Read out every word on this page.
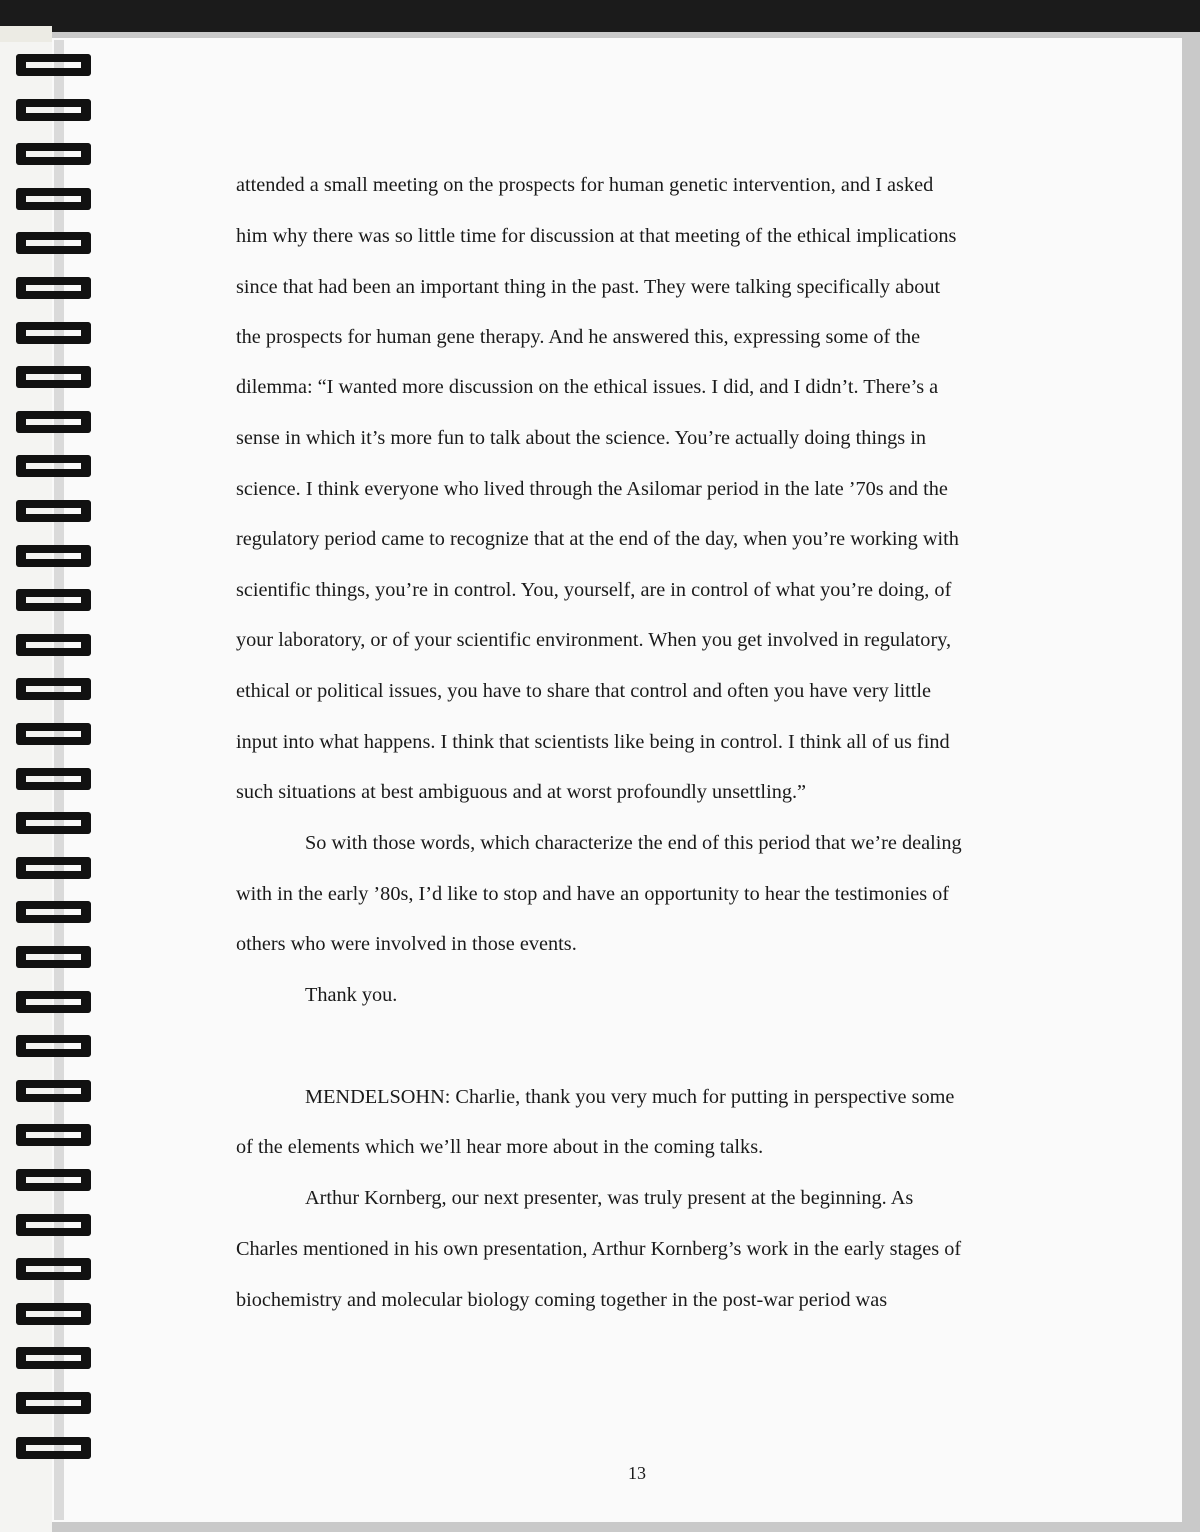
attended a small meeting on the prospects for human genetic intervention, and I asked
him why there was so little time for discussion at that meeting of the ethical implications
since that had been an important thing in the past. They were talking specifically about
the prospects for human gene therapy. And he answered this, expressing some of the
dilemma: “I wanted more discussion on the ethical issues. I did, and I didn’t. There’s a
sense in which it’s more fun to talk about the science. You’re actually doing things in
science. I think everyone who lived through the Asilomar period in the late ’70s and the
regulatory period came to recognize that at the end of the day, when you’re working with
scientific things, you’re in control. You, yourself, are in control of what you’re doing, of
your laboratory, or of your scientific environment. When you get involved in regulatory,
ethical or political issues, you have to share that control and often you have very little
input into what happens. I think that scientists like being in control. I think all of us find
such situations at best ambiguous and at worst profoundly unsettling.”
So with those words, which characterize the end of this period that we’re dealing
with in the early ’80s, I’d like to stop and have an opportunity to hear the testimonies of
others who were involved in those events.
Thank you.
MENDELSOHN: Charlie, thank you very much for putting in perspective some
of the elements which we’ll hear more about in the coming talks.
Arthur Kornberg, our next presenter, was truly present at the beginning. As
Charles mentioned in his own presentation, Arthur Kornberg’s work in the early stages of
biochemistry and molecular biology coming together in the post-war period was
13
